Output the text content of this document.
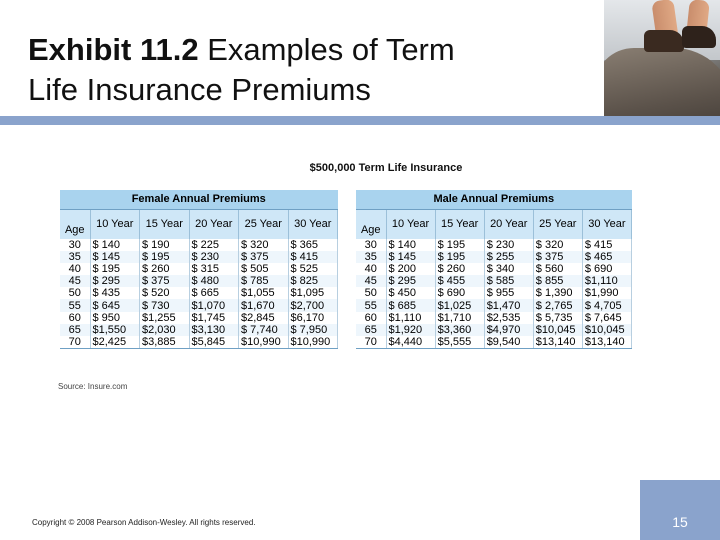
Exhibit 11.2 Examples of Term
Life Insurance Premiums
$500,000 Term Life Insurance
Female Annual Premiums					
Age	10 Year	15 Year	20 Year	25 Year	30 Year
30	$ 140	$ 190	$ 225	$ 320	$ 365
35	$ 145	$ 195	$ 230	$ 375	$ 415
40	$ 195	$ 260	$ 315	$ 505	$ 525
45	$ 295	$ 375	$ 480	$ 785	$ 825
50	$ 435	$ 520	$ 665	$1,055	$1,095
55	$ 645	$ 730	$1,070	$1,670	$2,700
60	$ 950	$1,255	$1,745	$2,845	$6,170
65	$1,550	$2,030	$3,130	$ 7,740	$ 7,950
70	$2,425	$3,885	$5,845	$10,990	$10,990
Male Annual Premiums					
Age	10 Year	15 Year	20 Year	25 Year	30 Year
30	$ 140	$ 195	$ 230	$ 320	$ 415
35	$ 145	$ 195	$ 255	$ 375	$ 465
40	$ 200	$ 260	$ 340	$ 560	$ 690
45	$ 295	$ 455	$ 585	$ 855	$1,110
50	$ 450	$ 690	$ 955	$ 1,390	$1,990
55	$ 685	$1,025	$1,470	$ 2,765	$ 4,705
60	$1,110	$1,710	$2,535	$ 5,735	$ 7,645
65	$1,920	$3,360	$4,970	$10,045	$10,045
70	$4,440	$5,555	$9,540	$13,140	$13,140
Source: Insure.com
Copyright © 2008 Pearson Addison-Wesley. All rights reserved.	15
